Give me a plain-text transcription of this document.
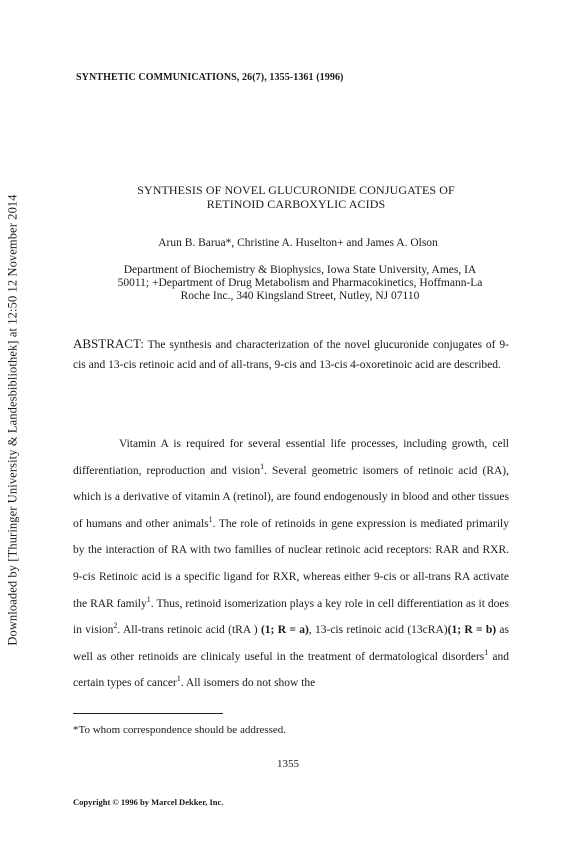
Downloaded by [Thuringer University & Landesbibliothek] at 12:50 12 November 2014
SYNTHETIC COMMUNICATIONS, 26(7), 1355-1361 (1996)
SYNTHESIS OF NOVEL GLUCURONIDE CONJUGATES OF
RETINOID CARBOXYLIC ACIDS
Arun B. Barua*, Christine A. Huselton+ and James A. Olson
Department of Biochemistry & Biophysics, Iowa State University, Ames, IA
50011; +Department of Drug Metabolism and Pharmacokinetics, Hoffmann-La
Roche Inc., 340 Kingsland Street, Nutley, NJ 07110
ABSTRACT: The synthesis and characterization of the novel glucuronide conjugates of 9-cis and 13-cis retinoic acid and of all-trans, 9-cis and 13-cis 4-oxoretinoic acid are described.
Vitamin A is required for several essential life processes, including growth, cell differentiation, reproduction and vision$^1$. Several geometric isomers of retinoic acid (RA), which is a derivative of vitamin A (retinol), are found endogenously in blood and other tissues of humans and other animals$^1$. The role of retinoids in gene expression is mediated primarily by the interaction of RA with two families of nuclear retinoic acid receptors: RAR and RXR. 9-cis Retinoic acid is a specific ligand for RXR, whereas either 9-cis or all-trans RA activate the RAR family$^1$. Thus, retinoid isomerization plays a key role in cell differentiation as it does in vision$^2$. All-trans retinoic acid (tRA ) (1; R = a), 13-cis retinoic acid (13cRA)(1; R = b) as well as other retinoids are clinicaly useful in the treatment of dermatological disorders$^1$ and certain types of cancer$^1$. All isomers do not show the
*To whom correspondence should be addressed.
1355
Copyright © 1996 by Marcel Dekker, Inc.
